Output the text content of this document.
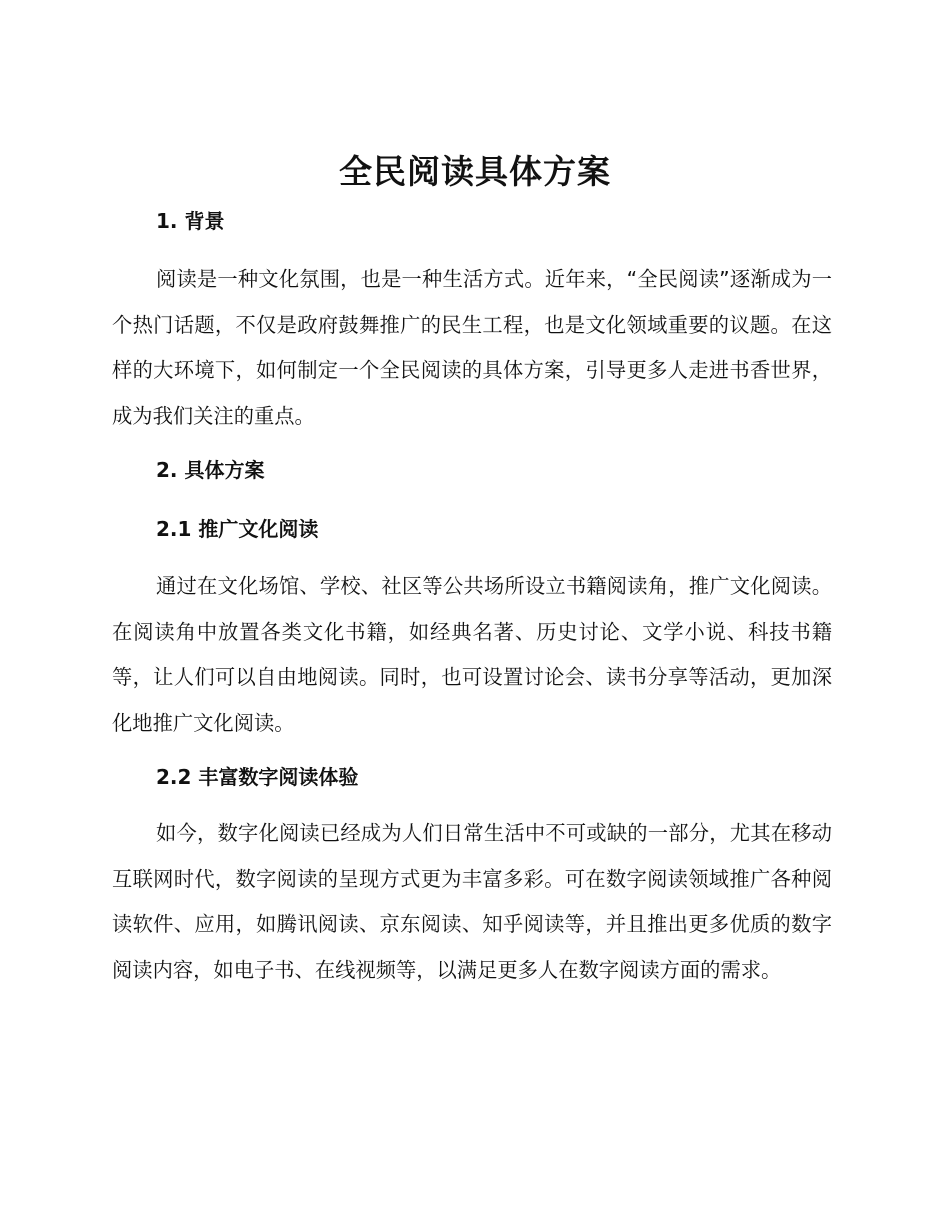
全民阅读具体方案
1. 背景

阅读是一种文化氛围，也是一种生活方式。近年来，“全民阅读”逐渐成为一个热门话题，不仅是政府鼓舞推广的民生工程，也是文化领域重要的议题。在这样的大环境下，如何制定一个全民阅读的具体方案，引导更多人走进书香世界，成为我们关注的重点。

2. 具体方案
2.1 推广文化阅读

通过在文化场馆、学校、社区等公共场所设立书籍阅读角，推广文化阅读。在阅读角中放置各类文化书籍，如经典名著、历史讨论、文学小说、科技书籍等，让人们可以自由地阅读。同时，也可设置讨论会、读书分享等活动，更加深化地推广文化阅读。

2.2 丰富数字阅读体验

如今，数字化阅读已经成为人们日常生活中不可或缺的一部分，尤其在移动互联网时代，数字阅读的呈现方式更为丰富多彩。可在数字阅读领域推广各种阅读软件、应用，如腾讯阅读、京东阅读、知乎阅读等，并且推出更多优质的数字阅读内容，如电子书、在线视频等，以满足更多人在数字阅读方面的需求。
